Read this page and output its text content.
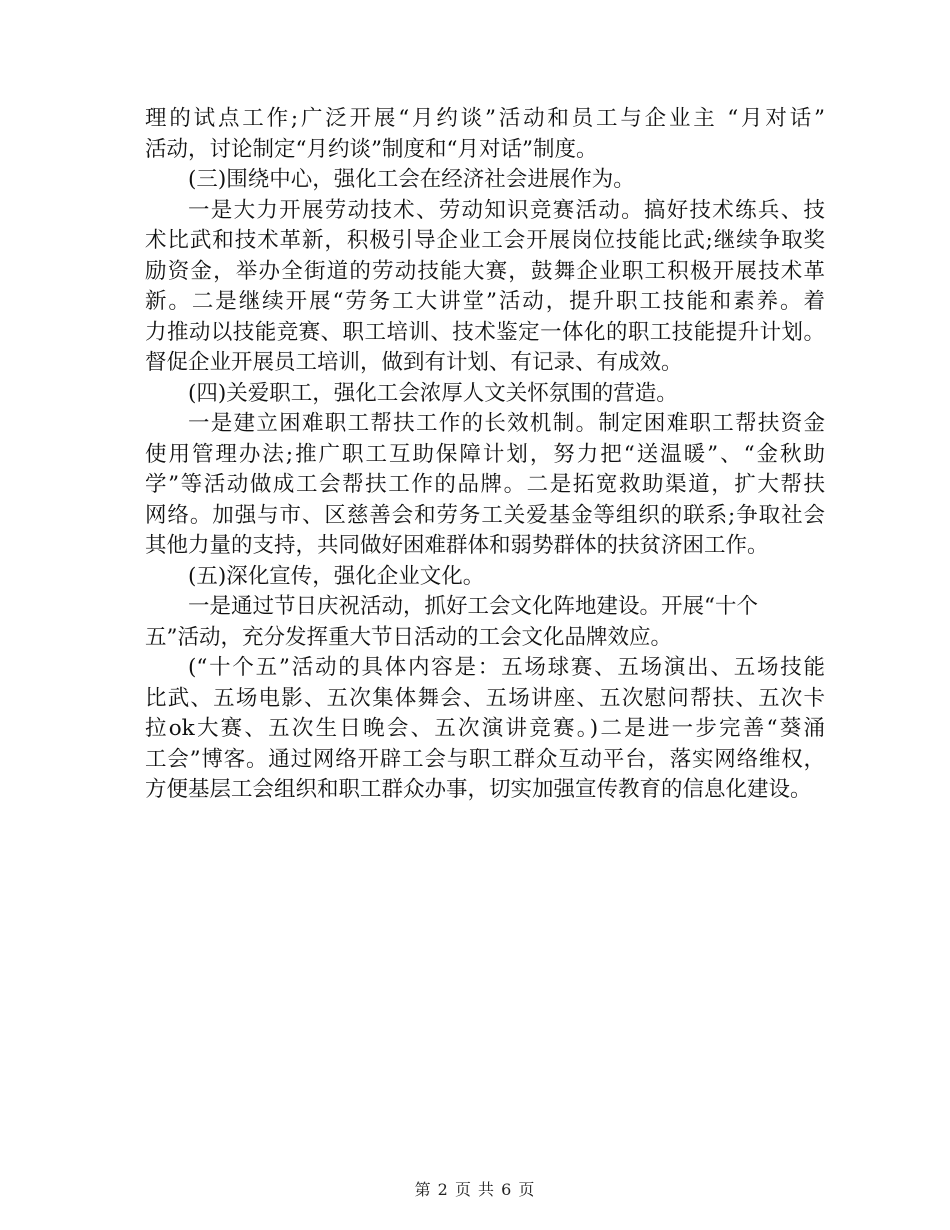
理的试点工作;广泛开展“月约谈”活动和员工与企业主 “月对话”
活动，讨论制定“月约谈”制度和“月对话”制度。
(三)围绕中心，强化工会在经济社会进展作为。
一是大力开展劳动技术、劳动知识竞赛活动。搞好技术练兵、技
术比武和技术革新，积极引导企业工会开展岗位技能比武;继续争取奖
励资金，举办全街道的劳动技能大赛，鼓舞企业职工积极开展技术革
新。二是继续开展“劳务工大讲堂”活动，提升职工技能和素养。着
力推动以技能竞赛、职工培训、技术鉴定一体化的职工技能提升计划。
督促企业开展员工培训，做到有计划、有记录、有成效。
(四)关爱职工，强化工会浓厚人文关怀氛围的营造。
一是建立困难职工帮扶工作的长效机制。制定困难职工帮扶资金
使用管理办法;推广职工互助保障计划，努力把“送温暖”、“金秋助
学”等活动做成工会帮扶工作的品牌。二是拓宽救助渠道，扩大帮扶
网络。加强与市、区慈善会和劳务工关爱基金等组织的联系;争取社会
其他力量的支持，共同做好困难群体和弱势群体的扶贫济困工作。
(五)深化宣传，强化企业文化。
一是通过节日庆祝活动，抓好工会文化阵地建设。开展“十个
五”活动，充分发挥重大节日活动的工会文化品牌效应。
(“十个五”活动的具体内容是：五场球赛、五场演出、五场技能
比武、五场电影、五次集体舞会、五场讲座、五次慰问帮扶、五次卡
拉ok大赛、五次生日晚会、五次演讲竞赛。)二是进一步完善“葵涌
工会”博客。通过网络开辟工会与职工群众互动平台，落实网络维权，
方便基层工会组织和职工群众办事，切实加强宣传教育的信息化建设。
第 2 页 共 6 页
